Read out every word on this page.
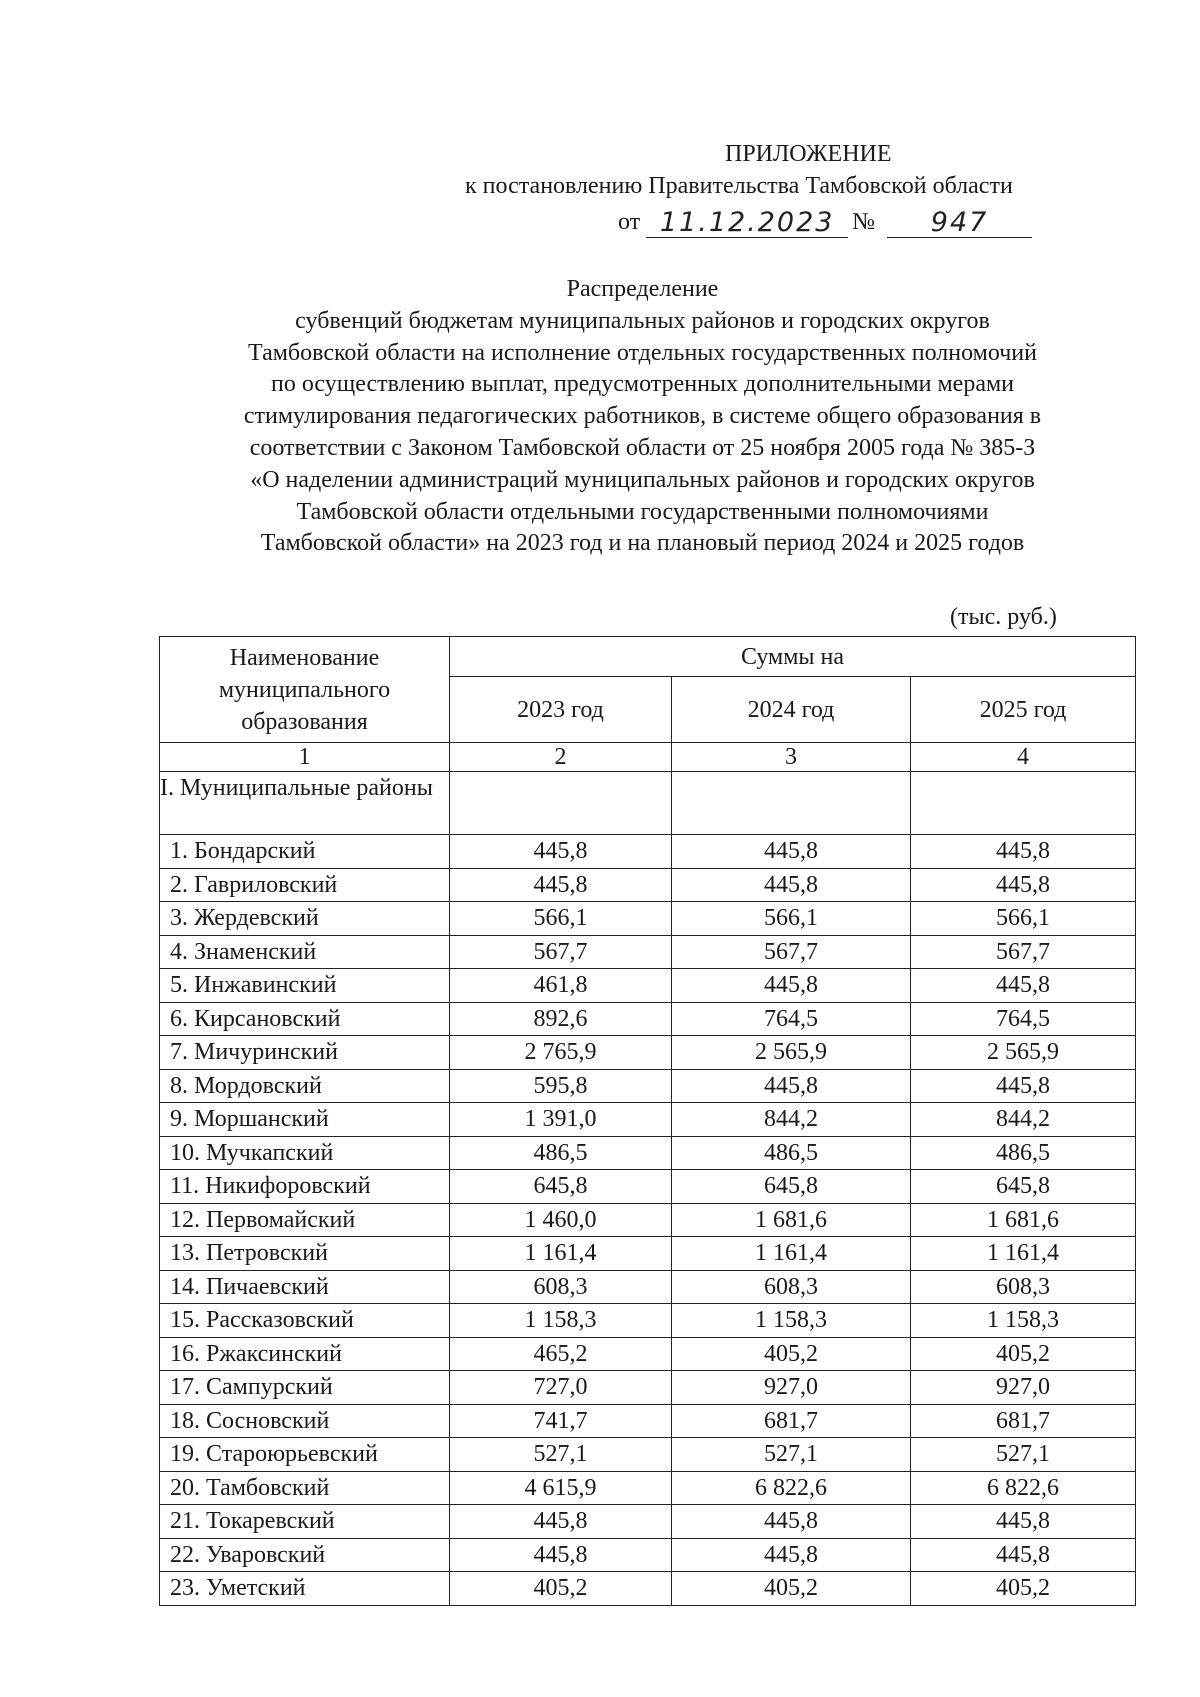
ПРИЛОЖЕНИЕ
к постановлению Правительства Тамбовской области
от 11.12.2023 №	947
Распределение
субвенций бюджетам муниципальных районов и городских округов
Тамбовской области на исполнение отдельных государственных полномочий
по осуществлению выплат, предусмотренных дополнительными мерами
стимулирования педагогических работников, в системе общего образования в
соответствии с Законом Тамбовской области от 25 ноября 2005 года № 385-З
«О наделении администраций муниципальных районов и городских округов
Тамбовской области отдельными государственными полномочиями
Тамбовской области» на 2023 год и на плановый период 2024 и 2025 годов
(тыс. руб.)
Наименование муниципального образования	Суммы на		
	2023 год	2024 год	2025 год
1	2	3	4
I. Муниципальные районы			
1. Бондарский	445,8	445,8	445,8
2. Гавриловский	445,8	445,8	445,8
3. Жердевский	566,1	566,1	566,1
4. Знаменский	567,7	567,7	567,7
5. Инжавинский	461,8	445,8	445,8
6. Кирсановский	892,6	764,5	764,5
7. Мичуринский	2 765,9	2 565,9	2 565,9
8. Мордовский	595,8	445,8	445,8
9. Моршанский	1 391,0	844,2	844,2
10. Мучкапский	486,5	486,5	486,5
11. Никифоровский	645,8	645,8	645,8
12. Первомайский	1 460,0	1 681,6	1 681,6
13. Петровский	1 161,4	1 161,4	1 161,4
14. Пичаевский	608,3	608,3	608,3
15. Рассказовский	1 158,3	1 158,3	1 158,3
16. Ржаксинский	465,2	405,2	405,2
17. Сампурский	727,0	927,0	927,0
18. Сосновский	741,7	681,7	681,7
19. Староюрьевский	527,1	527,1	527,1
20. Тамбовский	4 615,9	6 822,6	6 822,6
21. Токаревский	445,8	445,8	445,8
22. Уваровский	445,8	445,8	445,8
23. Уметский	405,2	405,2	405,2
